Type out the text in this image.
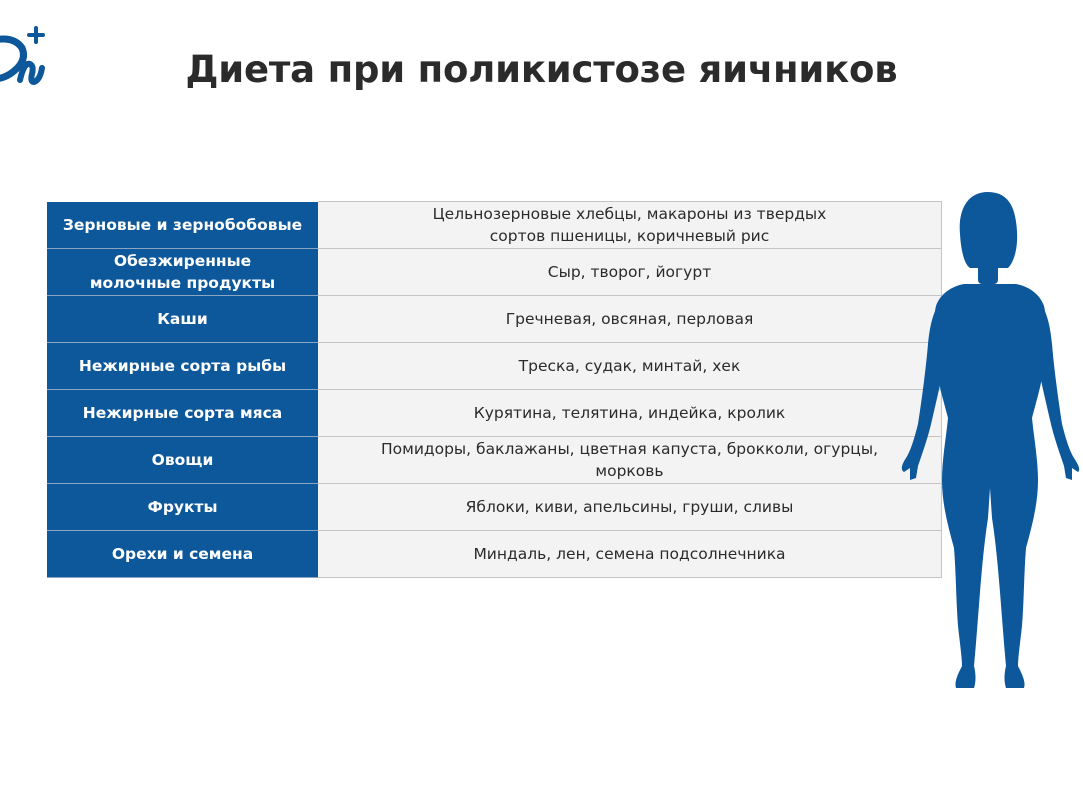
Диета при поликистозе яичников
Зерновые и зернобобовые	Цельнозерновые хлебцы, макароны из твердых
сортов пшеницы, коричневый рис
Обезжиренные
молочные продукты	Сыр, творог, йогурт
Каши	Гречневая, овсяная, перловая
Нежирные сорта рыбы	Треска, судак, минтай, хек
Нежирные сорта мяса	Курятина, телятина, индейка, кролик
Овощи	Помидоры, баклажаны, цветная капуста, брокколи, огурцы,
морковь
Фрукты	Яблоки, киви, апельсины, груши, сливы
Орехи и семена	Миндаль, лен, семена подсолнечника
